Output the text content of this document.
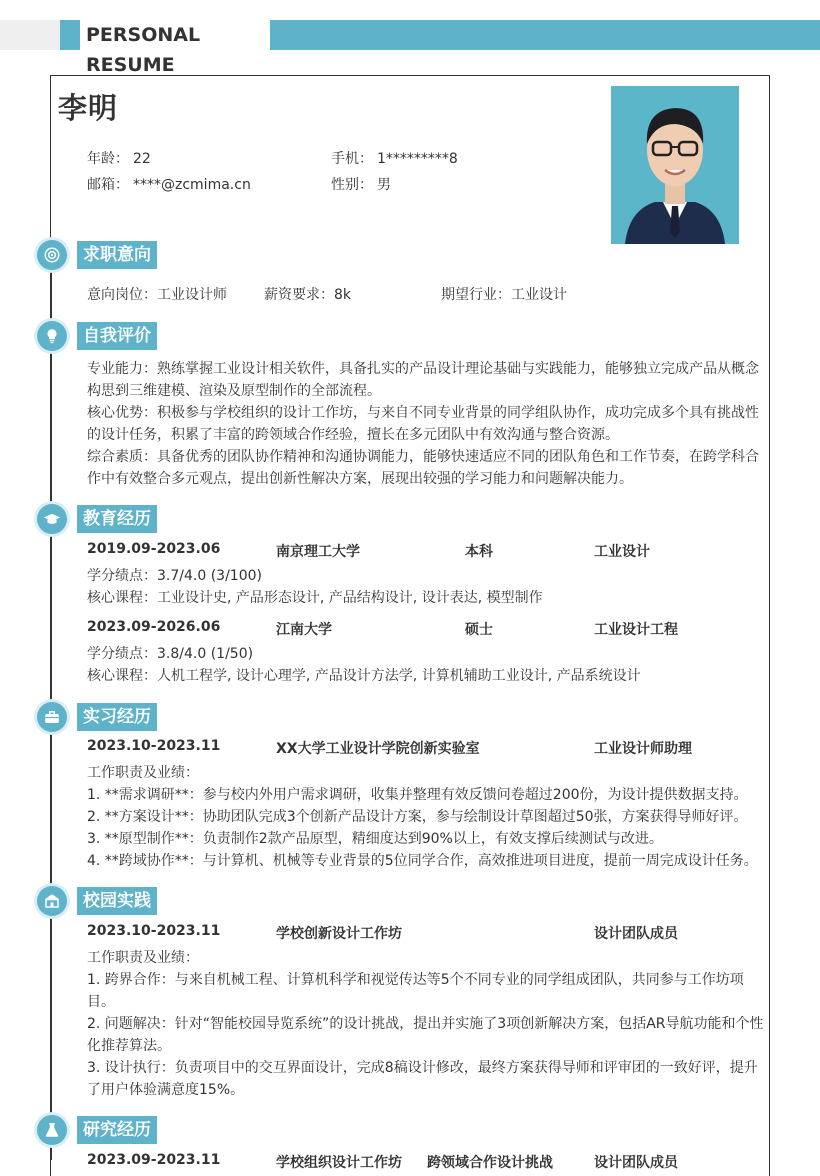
PERSONAL RESUME
李明
年龄： 22	手机： 1*********8
邮箱： ****@zcmima.cn	性别： 男
求职意向
意向岗位：工业设计师	薪资要求：8k	期望行业：工业设计
自我评价
专业能力：熟练掌握工业设计相关软件，具备扎实的产品设计理论基础与实践能力，能够独立完成产品从概念构思到三维建模、渲染及原型制作的全部流程。
核心优势：积极参与学校组织的设计工作坊，与来自不同专业背景的同学组队协作，成功完成多个具有挑战性的设计任务，积累了丰富的跨领域合作经验，擅长在多元团队中有效沟通与整合资源。
综合素质：具备优秀的团队协作精神和沟通协调能力，能够快速适应不同的团队角色和工作节奏，在跨学科合作中有效整合多元观点，提出创新性解决方案，展现出较强的学习能力和问题解决能力。
教育经历
2019.09-2023.06	南京理工大学	本科	工业设计
学分绩点：3.7/4.0 (3/100)
核心课程：工业设计史, 产品形态设计, 产品结构设计, 设计表达, 模型制作
2023.09-2026.06	江南大学	硕士	工业设计工程
学分绩点：3.8/4.0 (1/50)
核心课程：人机工程学, 设计心理学, 产品设计方法学, 计算机辅助工业设计, 产品系统设计
实习经历
2023.10-2023.11	XX大学工业设计学院创新实验室	工业设计师助理
工作职责及业绩：
1. **需求调研**：参与校内外用户需求调研，收集并整理有效反馈问卷超过200份，为设计提供数据支持。
2. **方案设计**：协助团队完成3个创新产品设计方案，参与绘制设计草图超过50张，方案获得导师好评。
3. **原型制作**：负责制作2款产品原型，精细度达到90%以上，有效支撑后续测试与改进。
4. **跨域协作**：与计算机、机械等专业背景的5位同学合作，高效推进项目进度，提前一周完成设计任务。
校园实践
2023.10-2023.11	学校创新设计工作坊	设计团队成员
工作职责及业绩：
1. 跨界合作：与来自机械工程、计算机科学和视觉传达等5个不同专业的同学组成团队，共同参与工作坊项目。
2. 问题解决：针对“智能校园导览系统”的设计挑战，提出并实施了3项创新解决方案，包括AR导航功能和个性化推荐算法。
3. 设计执行：负责项目中的交互界面设计，完成8稿设计修改，最终方案获得导师和评审团的一致好评，提升了用户体验满意度15%。
研究经历
2023.09-2023.11	学校组织设计工作坊 跨领域合作设计挑战	设计团队成员
